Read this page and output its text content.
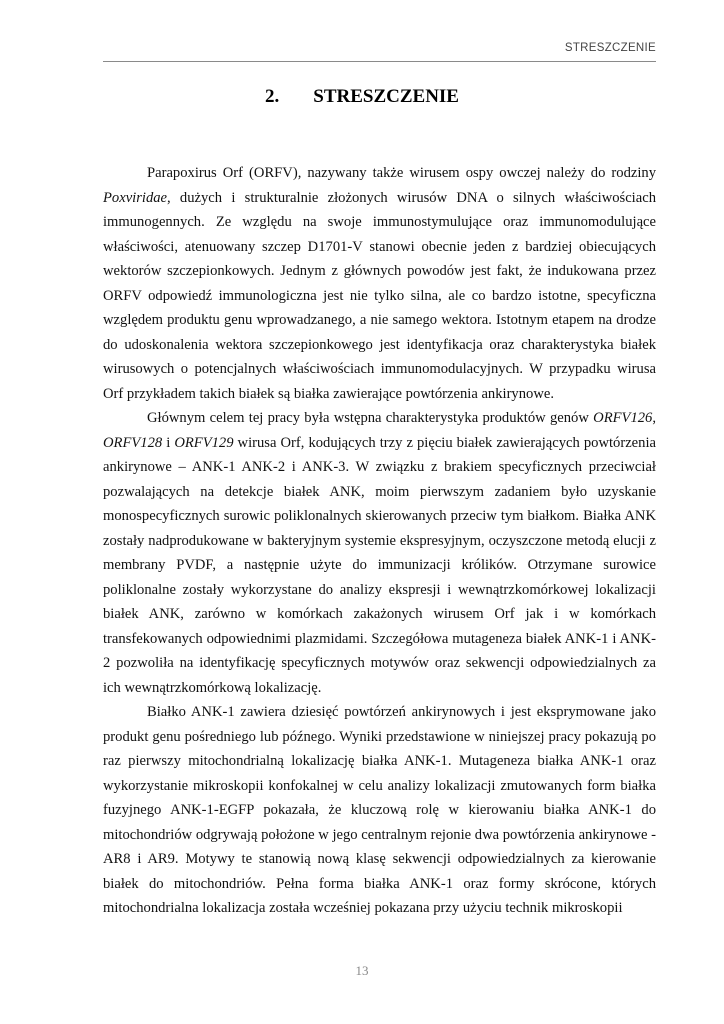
STRESZCZENIE
2. STRESZCZENIE

Parapoxirus Orf (ORFV), nazywany także wirusem ospy owczej należy do rodziny Poxviridae, dużych i strukturalnie złożonych wirusów DNA o silnych właściwościach immunogennych. Ze względu na swoje immunostymulujące oraz immunomodulujące właściwości, atenuowany szczep D1701-V stanowi obecnie jeden z bardziej obiecujących wektorów szczepionkowych. Jednym z głównych powodów jest fakt, że indukowana przez ORFV odpowiedź immunologiczna jest nie tylko silna, ale co bardzo istotne, specyficzna względem produktu genu wprowadzanego, a nie samego wektora. Istotnym etapem na drodze do udoskonalenia wektora szczepionkowego jest identyfikacja oraz charakterystyka białek wirusowych o potencjalnych właściwościach immunomodulacyjnych. W przypadku wirusa Orf przykładem takich białek są białka zawierające powtórzenia ankirynowe.

Głównym celem tej pracy była wstępna charakterystyka produktów genów ORFV126, ORFV128 i ORFV129 wirusa Orf, kodujących trzy z pięciu białek zawierających powtórzenia ankirynowe – ANK-1 ANK-2 i ANK-3. W związku z brakiem specyficznych przeciwciał pozwalających na detekcje białek ANK, moim pierwszym zadaniem było uzyskanie monospecyficznych surowic poliklonalnych skierowanych przeciw tym białkom. Białka ANK zostały nadprodukowane w bakteryjnym systemie ekspresyjnym, oczyszczone metodą elucji z membrany PVDF, a następnie użyte do immunizacji królików. Otrzymane surowice poliklonalne zostały wykorzystane do analizy ekspresji i wewnątrzkomórkowej lokalizacji białek ANK, zarówno w komórkach zakażonych wirusem Orf jak i w komórkach transfekowanych odpowiednimi plazmidami. Szczegółowa mutageneza białek ANK-1 i ANK-2 pozwoliła na identyfikację specyficznych motywów oraz sekwencji odpowiedzialnych za ich wewnątrzkomórkową lokalizację.

Białko ANK-1 zawiera dziesięć powtórzeń ankirynowych i jest eksprymowane jako produkt genu pośredniego lub późnego. Wyniki przedstawione w niniejszej pracy pokazują po raz pierwszy mitochondrialną lokalizację białka ANK-1. Mutageneza białka ANK-1 oraz wykorzystanie mikroskopii konfokalnej w celu analizy lokalizacji zmutowanych form białka fuzyjnego ANK-1-EGFP pokazała, że kluczową rolę w kierowaniu białka ANK-1 do mitochondriów odgrywają położone w jego centralnym rejonie dwa powtórzenia ankirynowe - AR8 i AR9. Motywy te stanowią nową klasę sekwencji odpowiedzialnych za kierowanie białek do mitochondriów. Pełna forma białka ANK-1 oraz formy skrócone, których mitochondrialna lokalizacja została wcześniej pokazana przy użyciu technik mikroskopii

13
